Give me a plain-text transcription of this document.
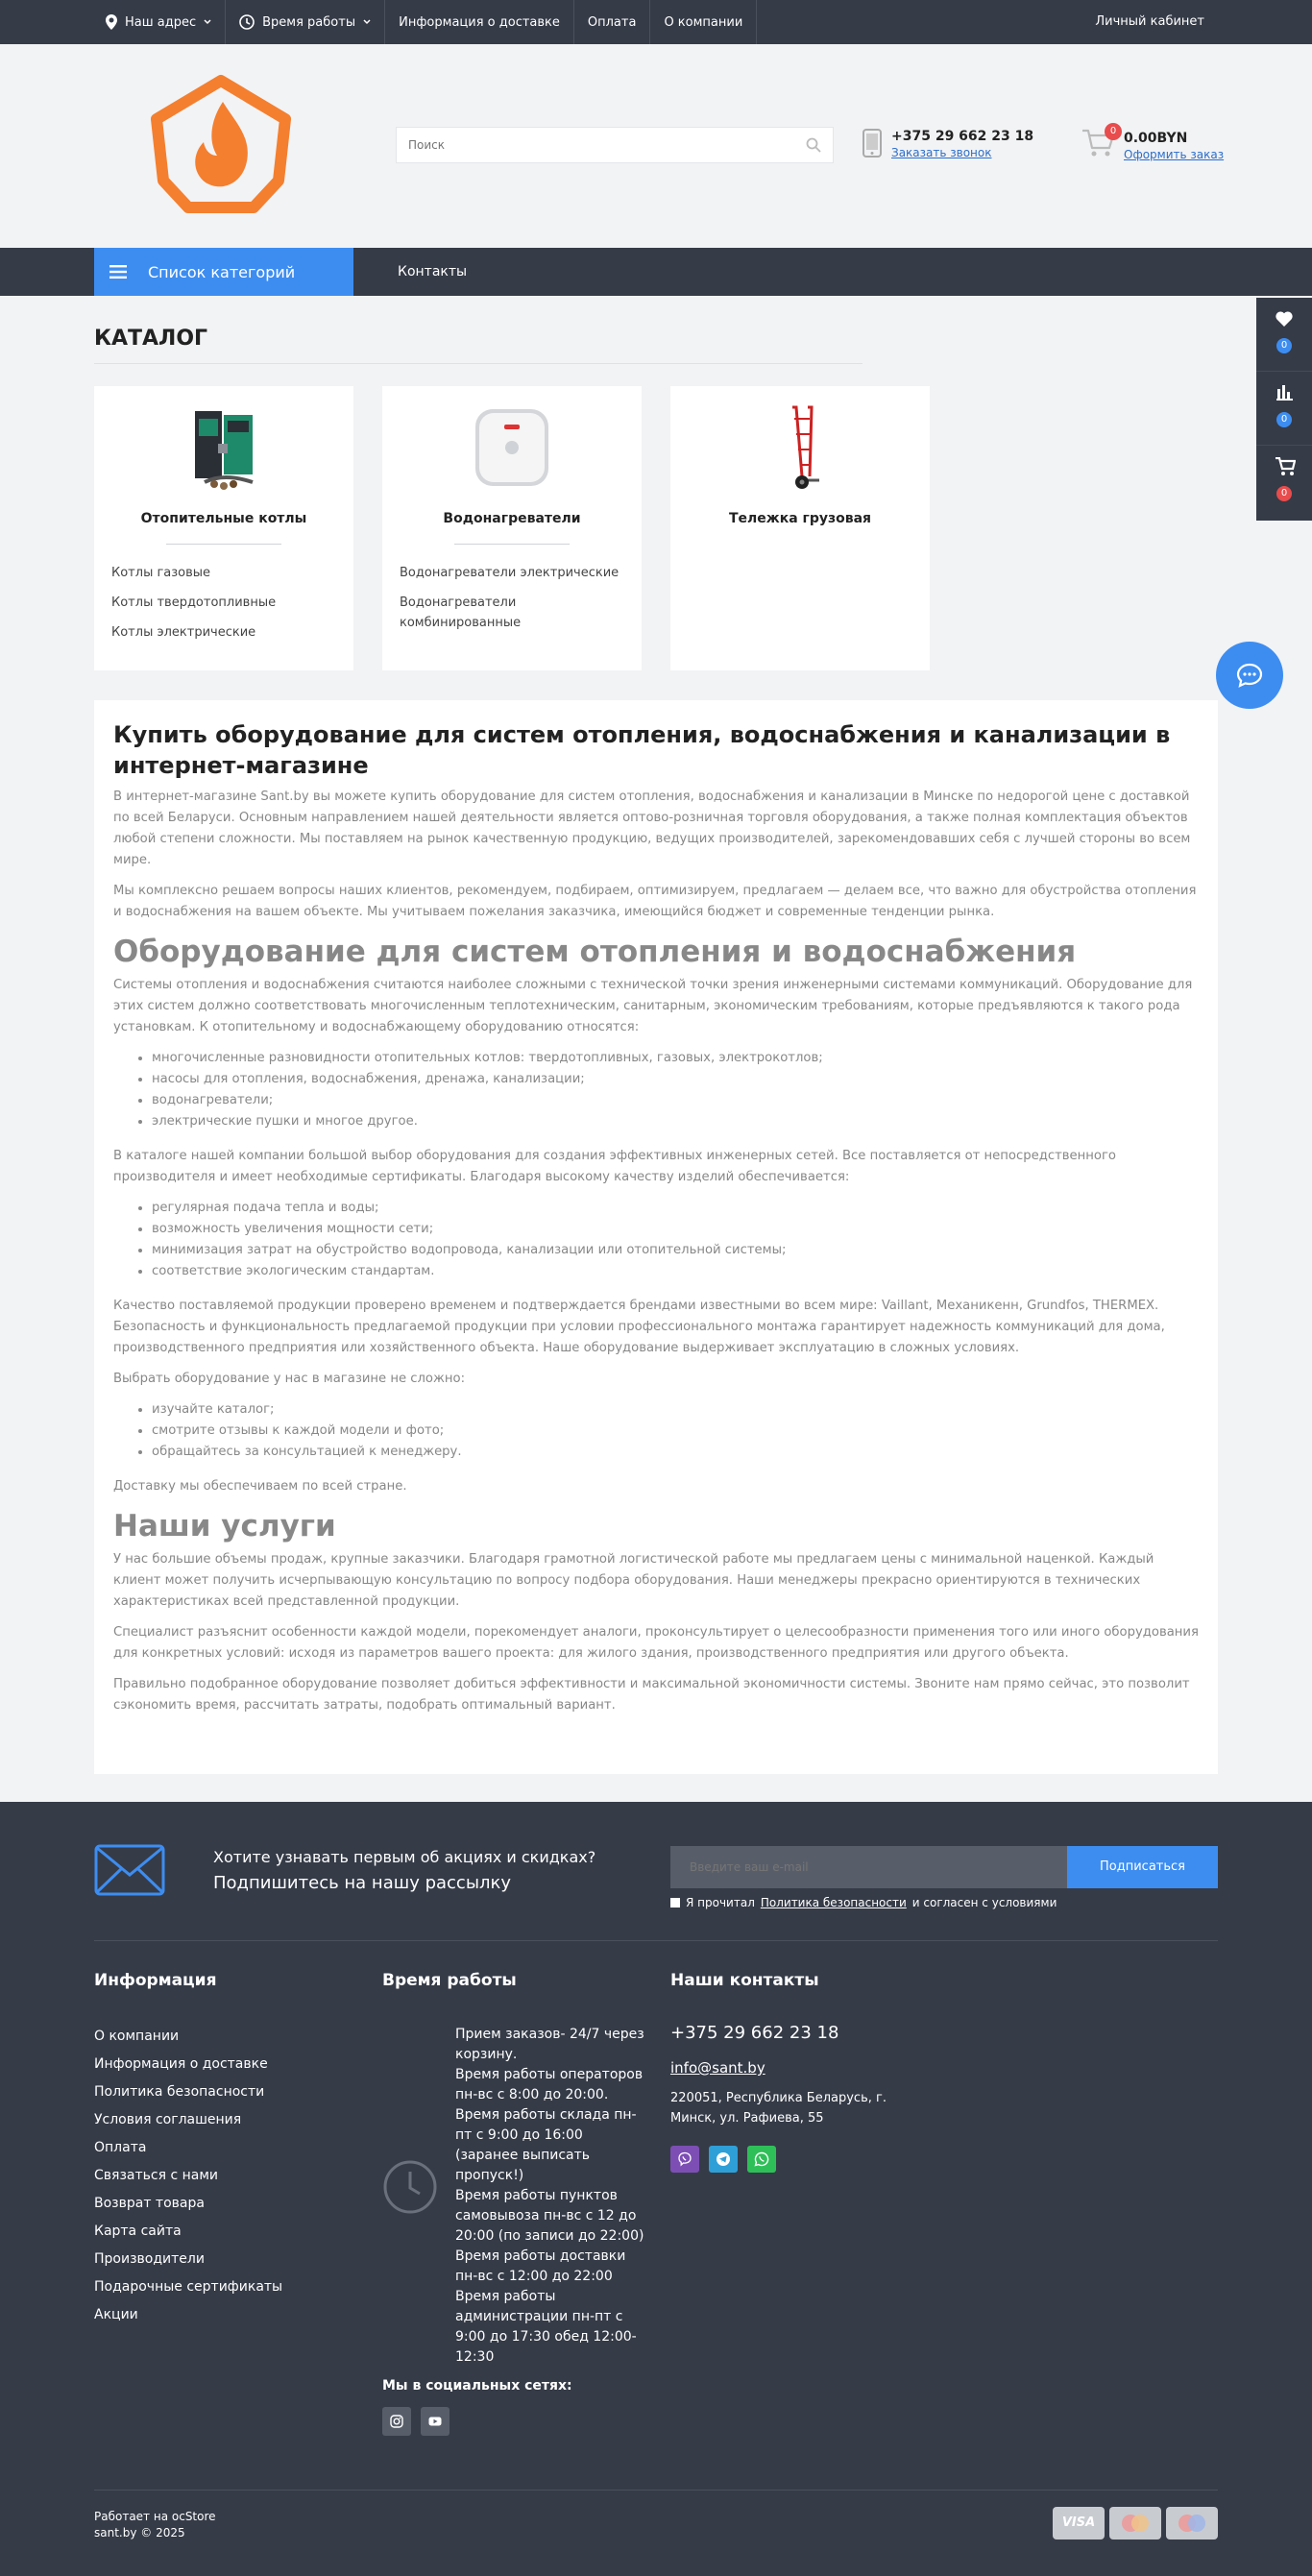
Наш адрес	Время работы	Информация о доставке Оплата О компании	Личный кабинет
Поиск
+375 29 662 23 18
Заказать звонок
0 0.00BYN
Оформить заказ
Список категорий	Контакты
0
0
0
КАТАЛОГ
Отопительные котлы
Котлы газовые
Котлы твердотопливные
Котлы электрические
Водонагреватели
Водонагреватели электрические
Водонагреватели комбинированные
Тележка грузовая
Купить оборудование для систем отопления, водоснабжения и канализации в интернет-магазине

В интернет-магазине Sant.by вы можете купить оборудование для систем отопления, водоснабжения и канализации в Минске по недорогой цене с доставкой по всей Беларуси. Основным направлением нашей деятельности является оптово-розничная торговля оборудования, а также полная комплектация объектов любой степени сложности. Мы поставляем на рынок качественную продукцию, ведущих производителей, зарекомендовавших себя с лучшей стороны во всем мире.

Мы комплексно решаем вопросы наших клиентов, рекомендуем, подбираем, оптимизируем, предлагаем — делаем все, что важно для обустройства отопления и водоснабжения на вашем объекте. Мы учитываем пожелания заказчика, имеющийся бюджет и современные тенденции рынка.

Оборудование для систем отопления и водоснабжения

Системы отопления и водоснабжения считаются наиболее сложными с технической точки зрения инженерными системами коммуникаций. Оборудование для этих систем должно соответствовать многочисленным теплотехническим, санитарным, экономическим требованиям, которые предъявляются к такого рода установкам. К отопительному и водоснабжающему оборудованию относятся:

• многочисленные разновидности отопительных котлов: твердотопливных, газовых, электрокотлов;
• насосы для отопления, водоснабжения, дренажа, канализации;
• водонагреватели;
• электрические пушки и многое другое.

В каталоге нашей компании большой выбор оборудования для создания эффективных инженерных сетей. Все поставляется от непосредственного производителя и имеет необходимые сертификаты. Благодаря высокому качеству изделий обеспечивается:

• регулярная подача тепла и воды;
• возможность увеличения мощности сети;
• минимизация затрат на обустройство водопровода, канализации или отопительной системы;
• соответствие экологическим стандартам.

Качество поставляемой продукции проверено временем и подтверждается брендами известными во всем мире: Vaillant, Механикенн, Grundfos, THERMEX. Безопасность и функциональность предлагаемой продукции при условии профессионального монтажа гарантирует надежность коммуникаций для дома, производственного предприятия или хозяйственного объекта. Наше оборудование выдерживает эксплуатацию в сложных условиях.

Выбрать оборудование у нас в магазине не сложно:

• изучайте каталог;
• смотрите отзывы к каждой модели и фото;
• обращайтесь за консультацией к менеджеру.

Доставку мы обеспечиваем по всей стране.

Наши услуги

У нас большие объемы продаж, крупные заказчики. Благодаря грамотной логистической работе мы предлагаем цены с минимальной наценкой. Каждый клиент может получить исчерпывающую консультацию по вопросу подбора оборудования. Наши менеджеры прекрасно ориентируются в технических характеристиках всей представленной продукции.

Специалист разъяснит особенности каждой модели, порекомендует аналоги, проконсультирует о целесообразности применения того или иного оборудования для конкретных условий: исходя из параметров вашего проекта: для жилого здания, производственного предприятия или другого объекта.

Правильно подобранное оборудование позволяет добиться эффективности и максимальной экономичности системы. Звоните нам прямо сейчас, это позволит сэкономить время, рассчитать затраты, подобрать оптимальный вариант.

Хотите узнавать первым об акциях и скидках?
Подпишитесь на нашу рассылку
Введите ваш e-mail
Подписаться
Я прочитал Политика безопасности и согласен с условиями
Информация
О компании
Информация о доставке
Политика безопасности
Условия соглашения
Оплата
Связаться с нами
Возврат товара
Карта сайта
Производители
Подарочные сертификаты
Акции
Время работы
Прием заказов- 24/7 через корзину.
Время работы операторов пн-вс с 8:00 до 20:00.
Время работы склада пн-пт с 9:00 до 16:00 (заранее выписать пропуск!)
Время работы пунктов самовывоза пн-вс с 12 до 20:00 (по записи до 22:00)
Время работы доставки пн-вс с 12:00 до 22:00
Время работы администрации пн-пт с 9:00 до 17:30 обед 12:00-12:30
Мы в социальных сетях:
Наши контакты
+375 29 662 23 18
info@sant.by
220051, Республика Беларусь, г. Минск, ул. Рафиева, 55
Работает на ocStore
sant.by © 2025
VISA
